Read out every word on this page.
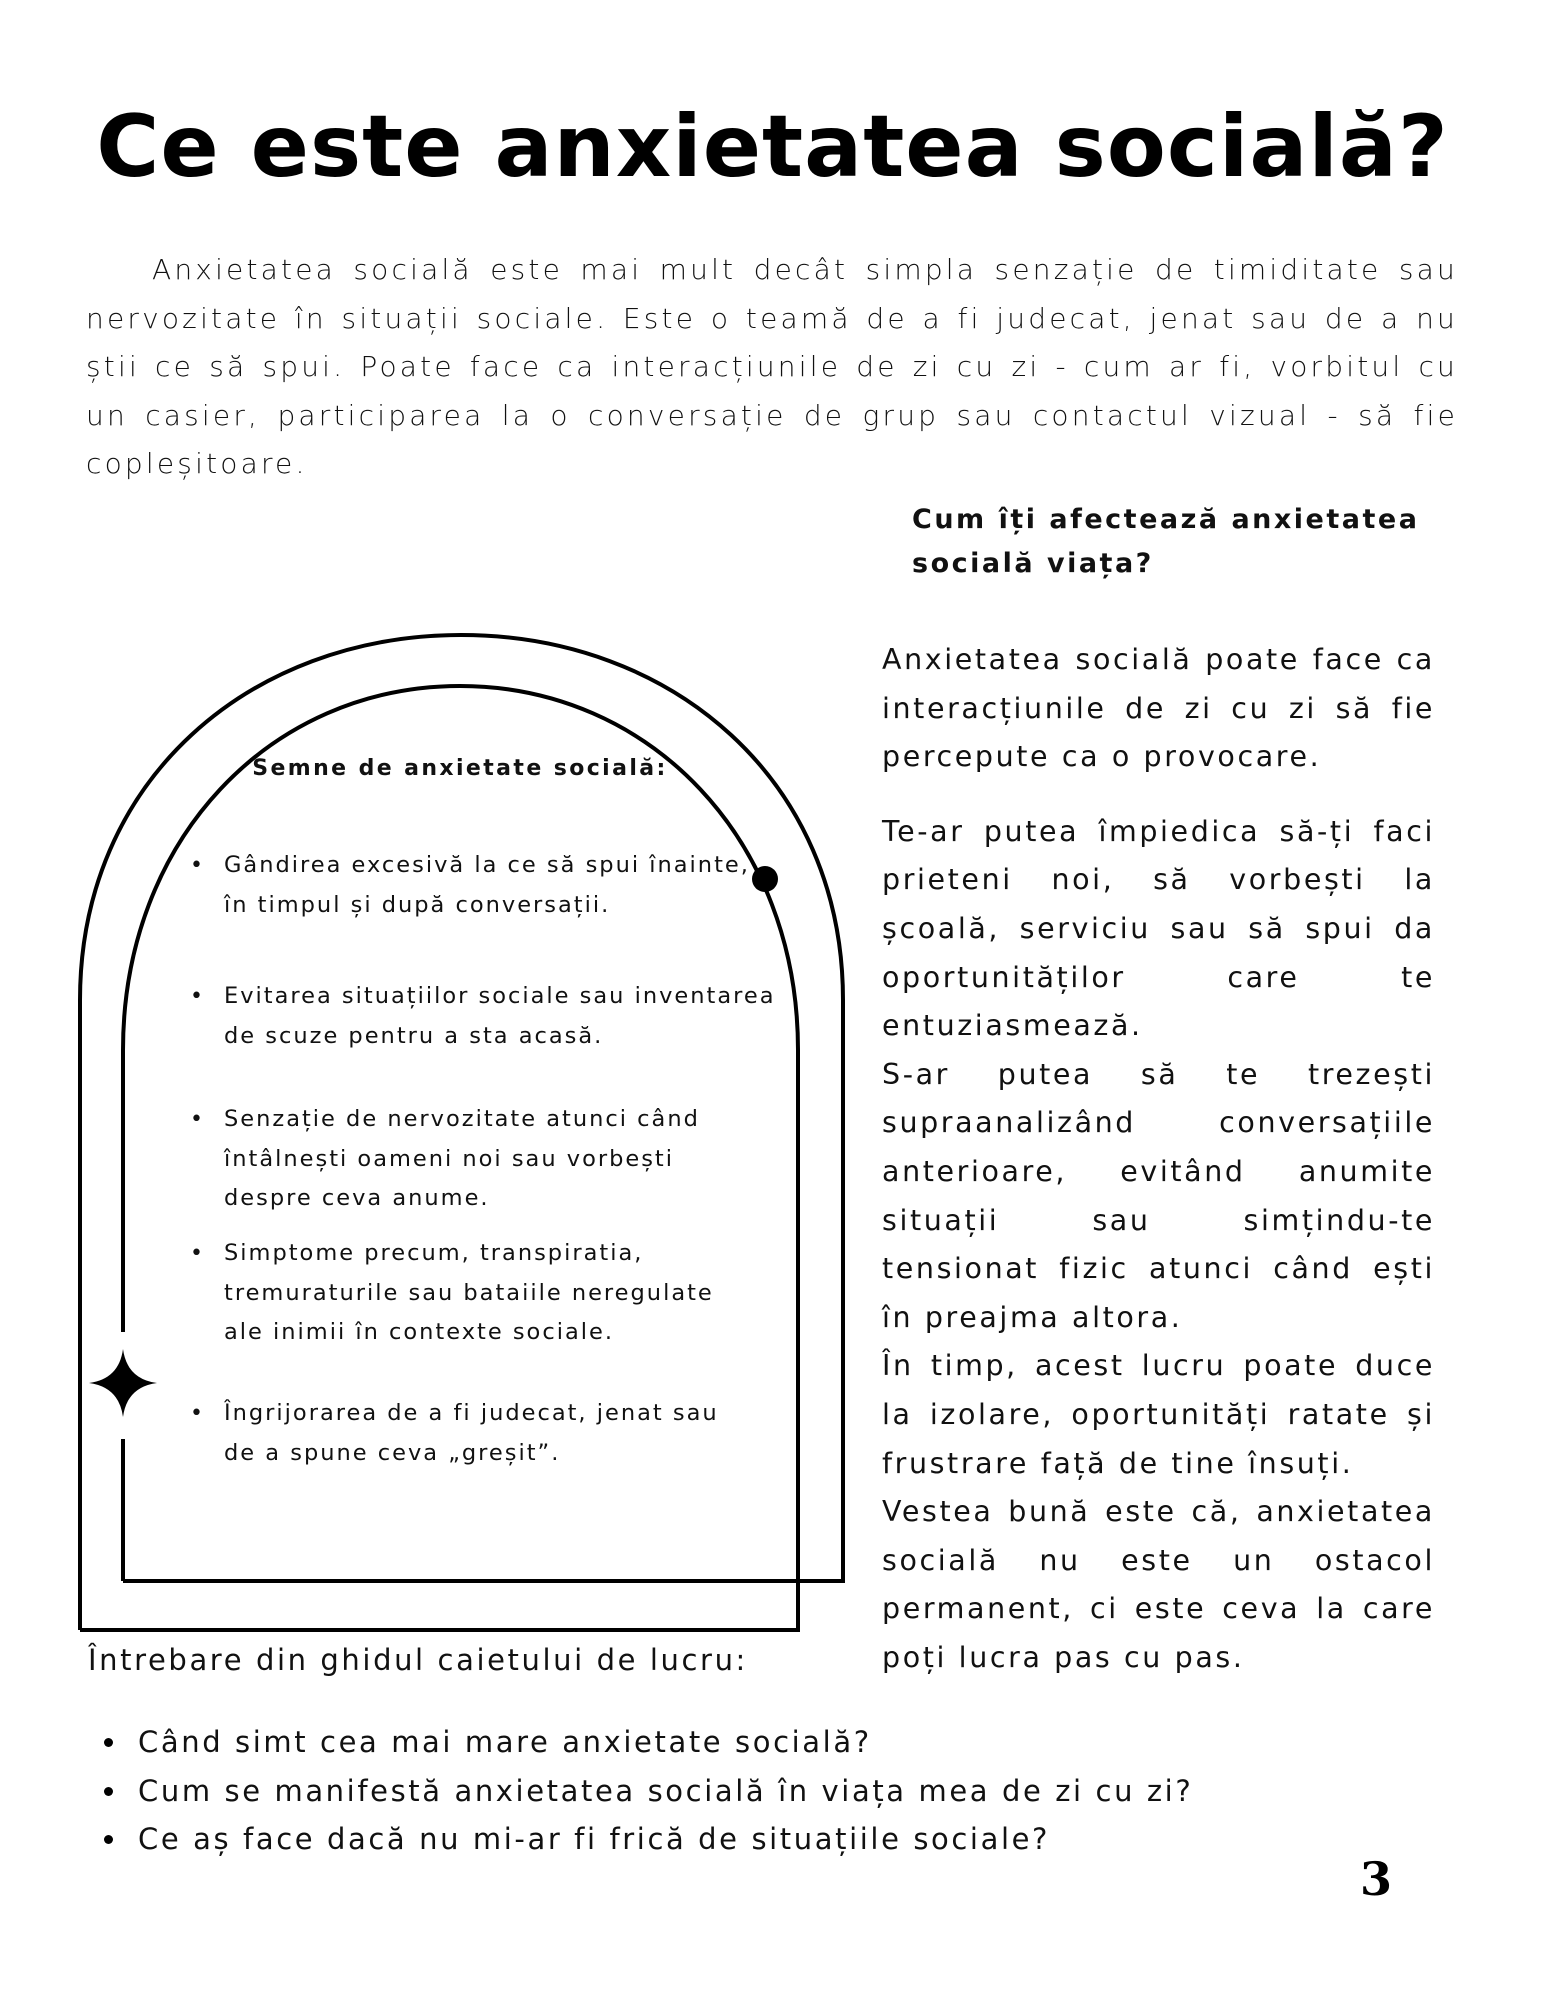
Ce este anxietatea socială?
Anxietatea socială este mai mult decât simpla senzație de timiditate sau nervozitate în situații sociale. Este o teamă de a fi judecat, jenat sau de a nu știi ce să spui. Poate face ca interacțiunile de zi cu zi - cum ar fi, vorbitul cu un casier, participarea la o conversație de grup sau contactul vizual - să fie copleșitoare.
Semne de anxietate socială:
• Gândirea excesivă la ce să spui înainte, în timpul și după conversații.
• Evitarea situațiilor sociale sau inventarea de scuze pentru a sta acasă.
• Senzație de nervozitate atunci când întâlnești oameni noi sau vorbești despre ceva anume.
• Simptome precum, transpiratia, tremuraturile sau bataiile neregulate ale inimii în contexte sociale.
• Îngrijorarea de a fi judecat, jenat sau de a spune ceva „greșit”.
Cum îți afectează anxietatea socială viața?

Anxietatea socială poate face ca interacțiunile de zi cu zi să fie percepute ca o provocare.

Te-ar putea împiedica să-ți faci prieteni noi, să vorbești la școală, serviciu sau să spui da oportunităților care te entuziasmează.

S-ar putea să te trezești supraanalizând conversațiile anterioare, evitând anumite situații sau simțindu-te tensionat fizic atunci când ești în preajma altora.

În timp, acest lucru poate duce la izolare, oportunități ratate și frustrare față de tine însuți.

Vestea bună este că, anxietatea socială nu este un ostacol permanent, ci este ceva la care poți lucra pas cu pas.

Întrebare din ghidul caietului de lucru:
Când simt cea mai mare anxietate socială?
Cum se manifestă anxietatea socială în viața mea de zi cu zi?
Ce aș face dacă nu mi-ar fi frică de situațiile sociale?
3
